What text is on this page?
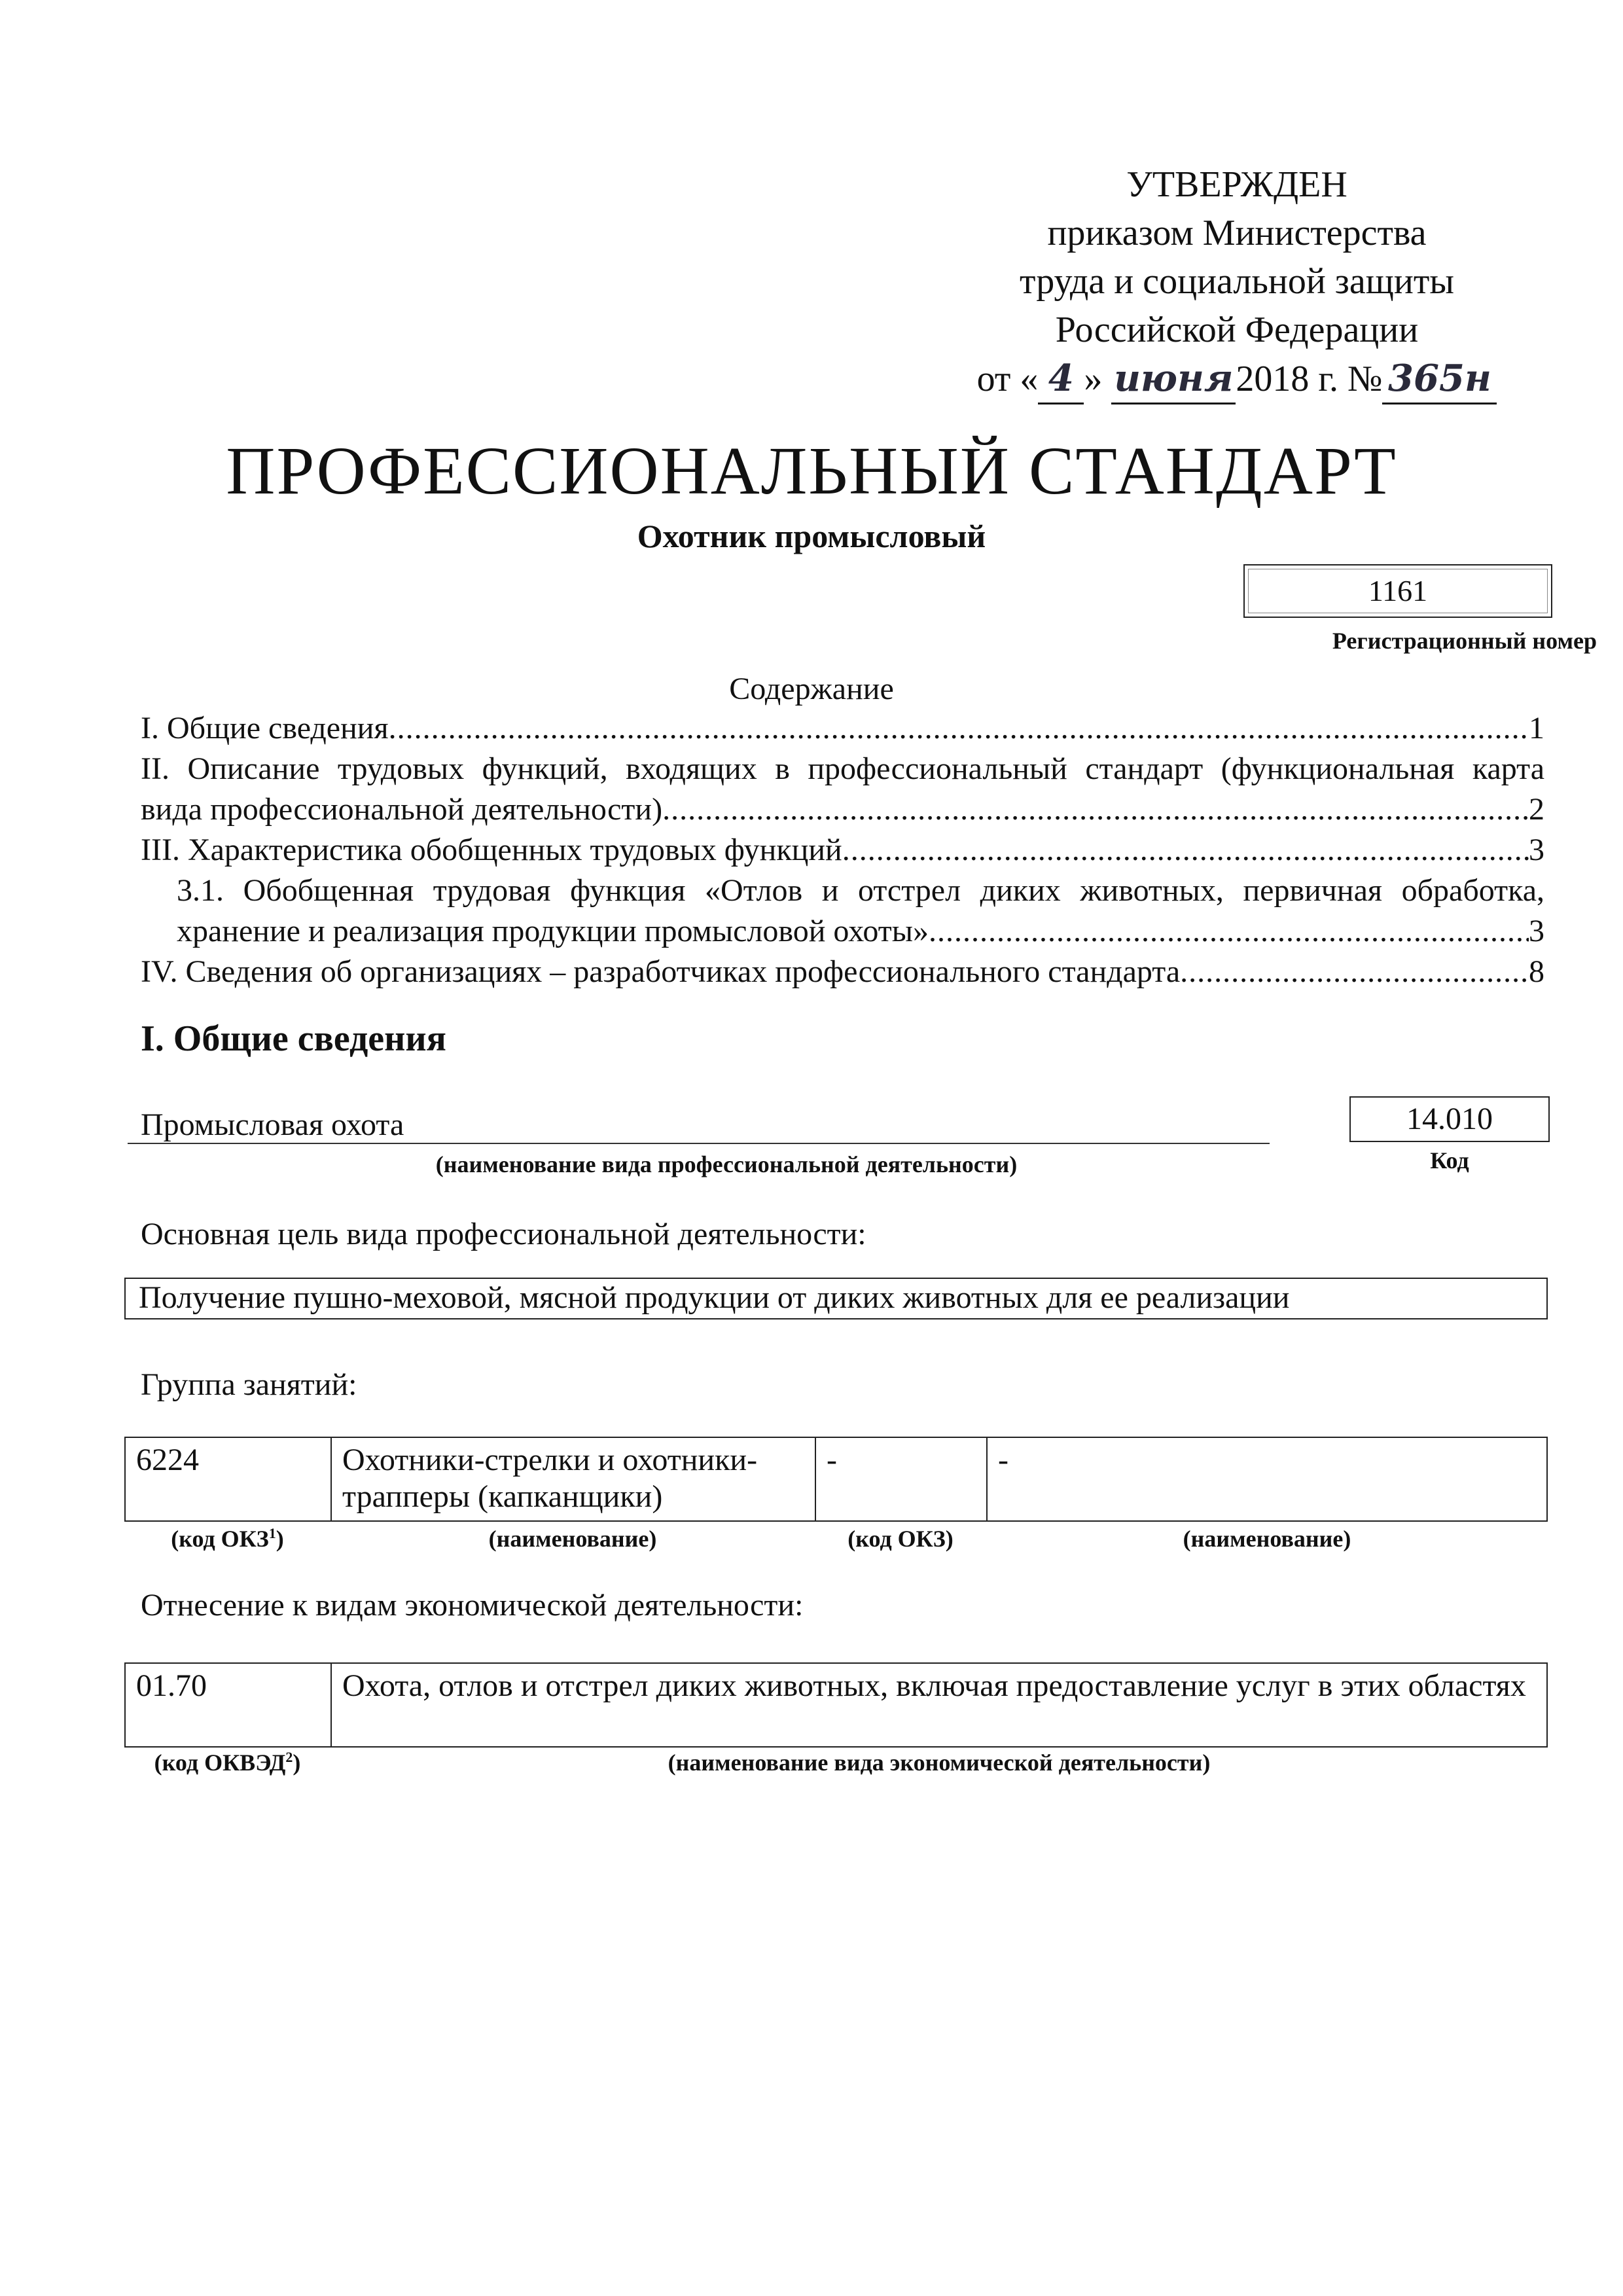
УТВЕРЖДЕН
приказом Министерства
труда и социальной защиты
Российской Федерации
от « 4 » июня2018 г. № 365н
ПРОФЕССИОНАЛЬНЫЙ СТАНДАРТ
Охотник промысловый
1161
Регистрационный номер
Содержание
I. Общие сведения .....	1
II. Описание трудовых функций, входящих в профессиональный стандарт (функциональная карта
вида профессиональной деятельности) .....	2
III. Характеристика обобщенных трудовых функций .....	3
3.1. Обобщенная трудовая функция «Отлов и отстрел диких животных, первичная обработка,
хранение и реализация продукции промысловой охоты» .....	3
IV. Сведения об организациях – разработчиках профессионального стандарта .....	8
I. Общие сведения
Промысловая охота
(наименование вида профессиональной деятельности)
14.010
Код
Основная цель вида профессиональной деятельности:
Получение пушно-меховой, мясной продукции от диких животных для ее реализации
Группа занятий:
6224	Охотники-стрелки и охотники-трапперы (капканщики)	-	-
(код ОКЗ$^1$)	(наименование)	(код ОКЗ)	(наименование)
Отнесение к видам экономической деятельности:
01.70	Охота, отлов и отстрел диких животных, включая предоставление услуг в этих областях
(код ОКВЭД$^2$)	(наименование вида экономической деятельности)
